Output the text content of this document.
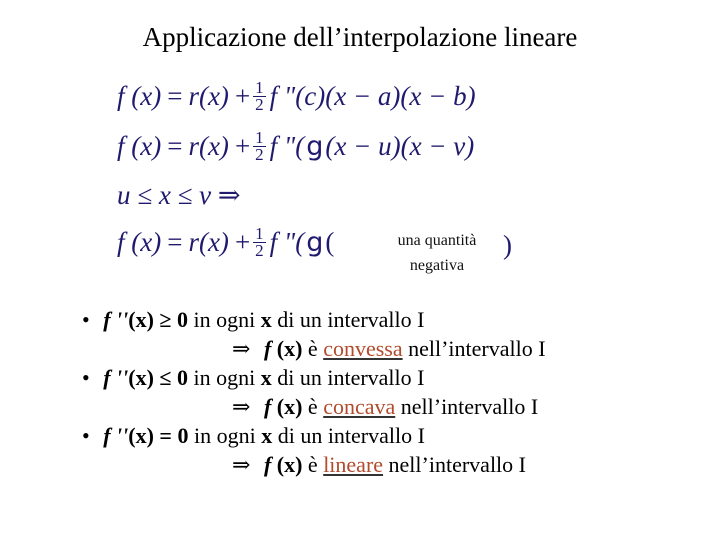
Applicazione dell’interpolazione lineare
f $(x) = r(x) + \frac{1}{2}$ f "( c )(x − a)(x − b)
f $(x) = r(x) + \frac{1}{2}$ f "( g (x − u)(x − v)
u ≤ x ≤ v ⇒
f $(x) = r(x) + \frac{1}{2}$ f "( g (	una quantità negativa
)
• f ''(x) ≥ 0 in ogni x di un intervallo I
⇒ f (x) è convessa nell’intervallo I
• f ''(x) ≤ 0 in ogni x di un intervallo I
⇒ f (x) è concava nell’intervallo I
• f ''(x) = 0 in ogni x di un intervallo I
⇒ f (x) è lineare nell’intervallo I
